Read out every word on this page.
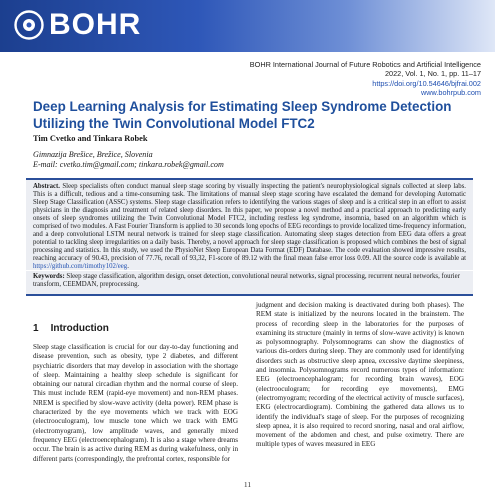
BOHR
BOHR International Journal of Future Robotics and Artificial Intelligence
2022, Vol. 1, No. 1, pp. 11–17
https://doi.org/10.54646/bjfrai.002
www.bohrpub.com
Deep Learning Analysis for Estimating Sleep Syndrome Detection Utilizing the Twin Convolutional Model FTC2
Tim Cvetko and Tinkara Robek
Gimnazija Brešice, Brežice, Slovenia
E-mail: cvetko.tim@gmail.com; tinkara.robek@gmail.com
Abstract. Sleep specialists often conduct manual sleep stage scoring by visually inspecting the patient's neurophysiological signals collected at sleep labs. This is a difficult, tedious and a time-consuming task. The limitations of manual sleep stage scoring have escalated the demand for developing Automatic Sleep Stage Classification (ASSC) systems. Sleep stage classification refers to identifying the various stages of sleep and is a critical step in an effort to assist physicians in the diagnosis and treatment of related sleep disorders. In this paper, we propose a novel method and a practical approach to predicting early onsets of sleep syndromes utilizing the Twin Convolutional Model FTC2, including restless leg syndrome, insomnia, based on an algorithm which is comprised of two modules. A Fast Fourier Transform is applied to 30 seconds long epochs of EEG recordings to provide localized time-frequency information, and a deep convolutional LSTM neural network is trained for sleep stage classification. Automating sleep stages detection from EEG data offers a great potential to tackling sleep irregularities on a daily basis. Thereby, a novel approach for sleep stage classification is proposed which combines the best of signal processing and statistics. In this study, we used the PhysioNet Sleep European Data Format (EDF) Database. The code evaluation showed impressive results, reaching accuracy of 90.43, precision of 77.76, recall of 93,32, F1-score of 89.12 with the final mean false error loss 0.09. All the source code is available at https://github.com/timothy102/eeg.
Keywords: Sleep stage classification, algorithm design, onset detection, convolutional neural networks, signal processing, recurrent neural networks, fourier transform, CEEMDAN, preprocessing.
1 Introduction

Sleep stage classification is crucial for our day-to-day functioning and disease prevention, such as obesity, type 2 diabetes, and different psychiatric disorders that may develop in association with the shortage of sleep. Maintaining a healthy sleep schedule is significant for obtaining our natural circadian rhythm and the normal course of sleep. This must include REM (rapid-eye movement) and non-REM phases. NREM is specified by slow-wave activity (delta power). REM phase is characterized by the eye movements which we track with EOG (electrooculogram), low muscle tone which we track with EMG (electromyogram), low amplitude waves, and generally mixed frequency EEG (electroencephalogram). It is also a stage where dreams occur. The brain is as active during REM as during wakefulness, only in different parts (correspondingly, the prefrontal cortex, responsible for

judgment and decision making is deactivated during both phases). The REM state is initialized by the neurons located in the brainstem. The process of recording sleep in the laboratories for the purposes of examining its structure (mainly in terms of slow-wave activity) is known as polysomnography. Polysomnograms can show the diagnostics of various dis-orders during sleep. They are commonly used for identifying disorders such as obstructive sleep apnea, excessive daytime sleepiness, and insomnia. Polysomnograms record numerous types of information: EEG (electroencephalogram; for recording brain waves), EOG (electrooculogram; for recording eye movements), EMG (electromyogram; recording of the electrical activity of muscle surfaces), EKG (electrocardiogram). Combining the gathered data allows us to identify the individual's stage of sleep. For the purposes of recognizing sleep apnea, it is also required to record snoring, nasal and oral airflow, movement of the abdomen and chest, and pulse oximetry. There are multiple types of waves measured in EEG

11
